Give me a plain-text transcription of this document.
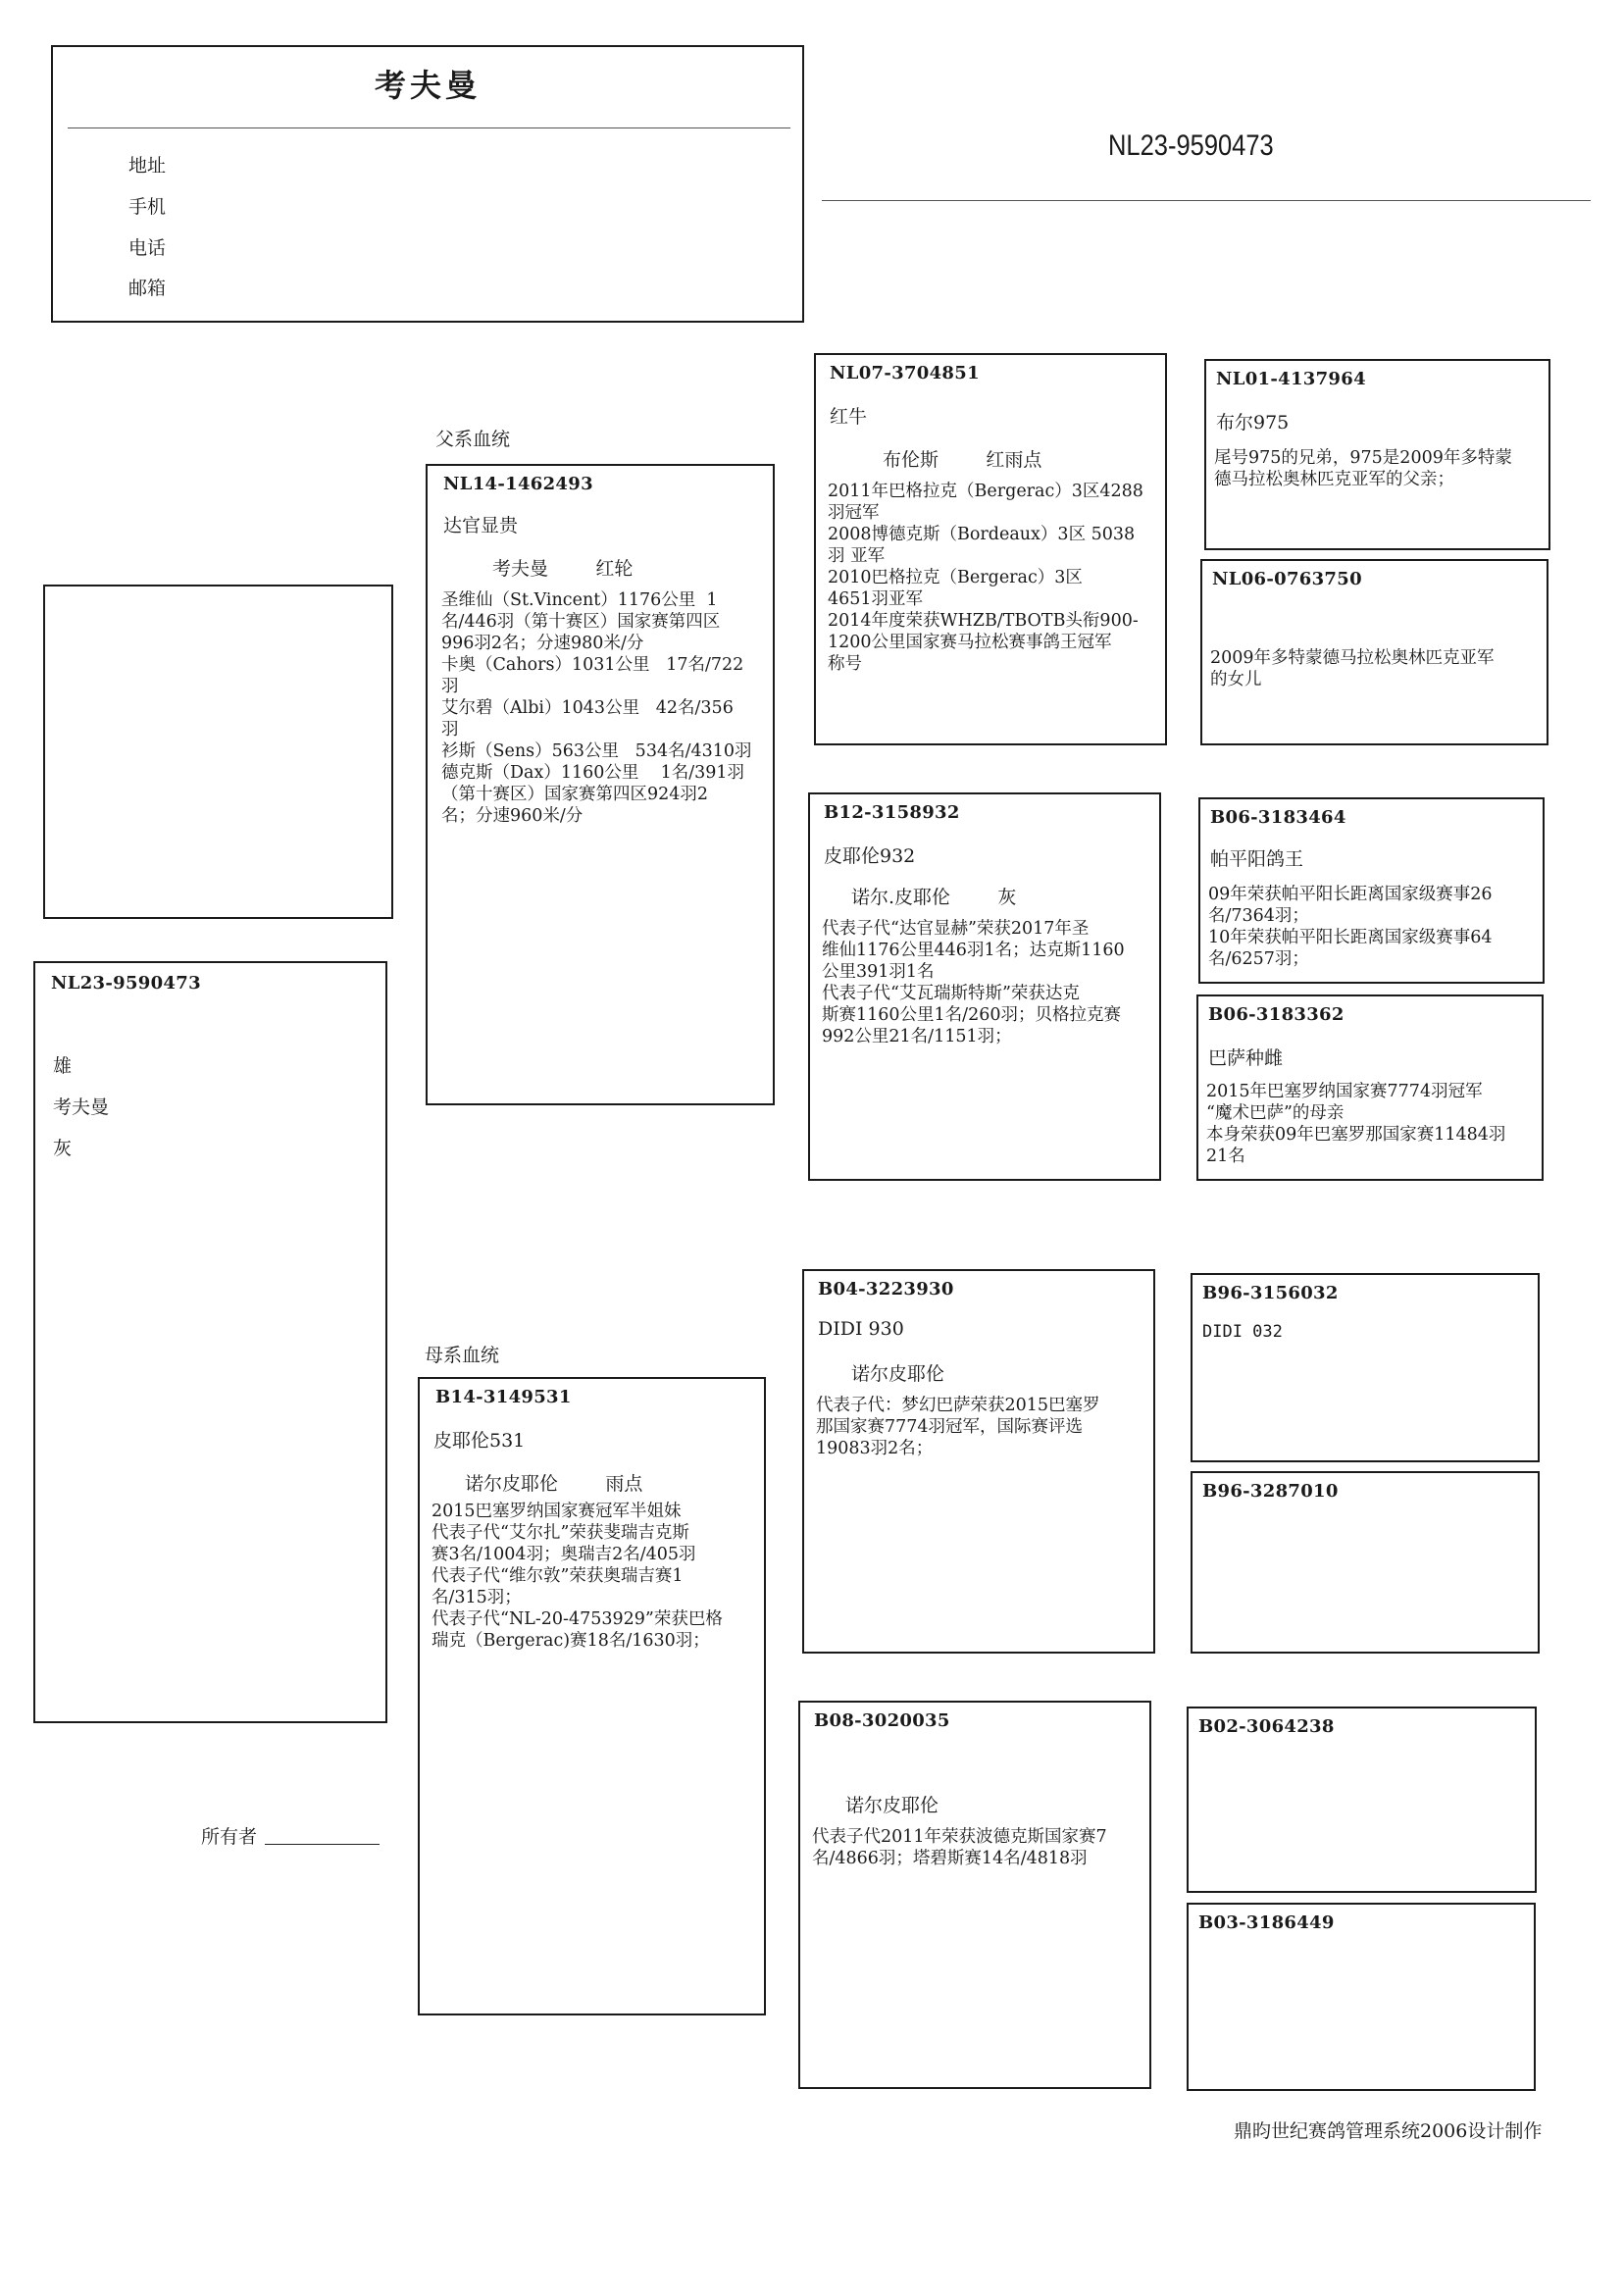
考夫曼
地址
手机
电话
邮箱
NL23-9590473
NL23-9590473
雄
考夫曼
灰
所有者
父系血统
母系血统
NL14-1462493
达官显贵
考夫曼        红轮
圣维仙（St.Vincent）1176公里  1
名/446羽（第十赛区）国家赛第四区
996羽2名；分速980米/分
卡奥（Cahors）1031公里   17名/722
羽
艾尔碧（Albi）1043公里   42名/356
羽
衫斯（Sens）563公里   534名/4310羽
德克斯（Dax）1160公里    1名/391羽
（第十赛区）国家赛第四区924羽2
名；分速960米/分
B14-3149531
皮耶伦531
诺尔皮耶伦        雨点
2015巴塞罗纳国家赛冠军半姐妹
代表子代“艾尔扎”荣获斐瑞吉克斯
赛3名/1004羽；奥瑞吉2名/405羽
代表子代“维尔敦”荣获奥瑞吉赛1
名/315羽；
代表子代“NL-20-4753929”荣获巴格
瑞克（Bergerac)赛18名/1630羽；
NL07-3704851
红牛
布伦斯        红雨点
2011年巴格拉克（Bergerac）3区4288
羽冠军
2008博德克斯（Bordeaux）3区 5038
羽 亚军
2010巴格拉克（Bergerac）3区
4651羽亚军
2014年度荣获WHZB/TBOTB头衔900-
1200公里国家赛马拉松赛事鸽王冠军
称号
B12-3158932
皮耶伦932
诺尔.皮耶伦        灰
代表子代“达官显赫”荣获2017年圣
维仙1176公里446羽1名；达克斯1160
公里391羽1名
代表子代“艾瓦瑞斯特斯”荣获达克
斯赛1160公里1名/260羽；贝格拉克赛
992公里21名/1151羽；
B04-3223930
DIDI 930
诺尔皮耶伦
代表子代：梦幻巴萨荣获2015巴塞罗
那国家赛7774羽冠军，国际赛评选
19083羽2名；
B08-3020035
诺尔皮耶伦
代表子代2011年荣获波德克斯国家赛7
名/4866羽；塔碧斯赛14名/4818羽
NL01-4137964
布尔975
尾号975的兄弟，975是2009年多特蒙
德马拉松奥林匹克亚军的父亲；
NL06-0763750
2009年多特蒙德马拉松奥林匹克亚军
的女儿
B06-3183464
帕平阳鸽王
09年荣获帕平阳长距离国家级赛事26
名/7364羽；
10年荣获帕平阳长距离国家级赛事64
名/6257羽；
B06-3183362
巴萨种雌
2015年巴塞罗纳国家赛7774羽冠军
“魔术巴萨”的母亲
本身荣获09年巴塞罗那国家赛11484羽
21名
B96-3156032
DIDI 032
B96-3287010
B02-3064238
B03-3186449
鼎昀世纪赛鸽管理系统2006设计制作
